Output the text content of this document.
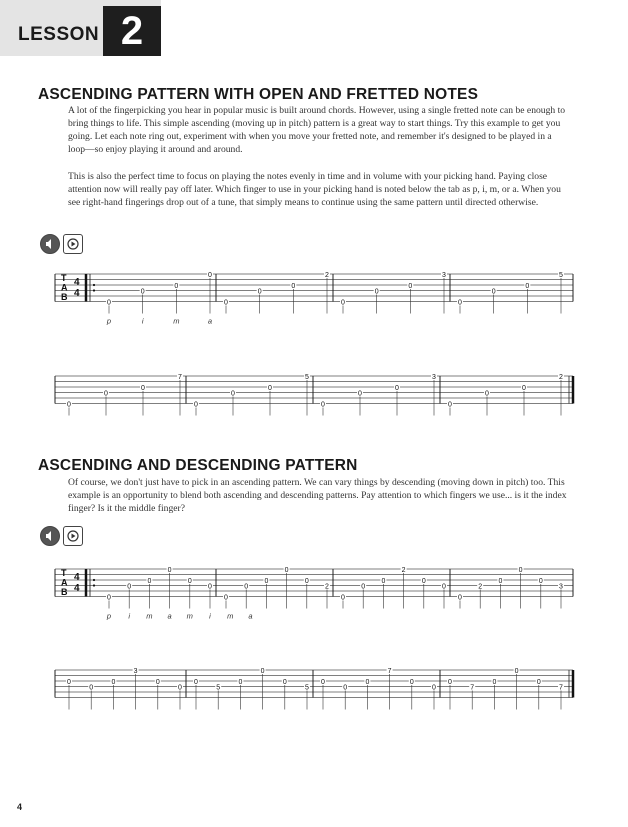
LESSON 2
ASCENDING PATTERN WITH OPEN AND FRETTED NOTES

A lot of the fingerpicking you hear in popular music is built around chords. However, using a single fretted note can be enough to bring things to life. This simple ascending (moving up in pitch) pattern is a great way to start things. Try this example to get you going. Let each note ring out, experiment with when you move your fretted note, and remember it's designed to be played in a loop—so enjoy playing it around and around.

This is also the perfect time to focus on playing the notes evenly in time and in volume with your picking hand. Paying close attention now will really pay off later. Which finger to use in your picking hand is noted below the tab as p, i, m, or a. When you see right-hand fingerings drop out of a tune, that simply means to continue using the same pattern until directed otherwise.

T
A
B
4
4
0
0
0
0
0
0
0
2
0
0
0
3
0
0
0
5
p	i	m	a
0
0
0
7
0
0
0
5
0
0
0
3
0
0
0
2
ASCENDING AND DESCENDING PATTERN

Of course, we don't just have to pick in an ascending pattern. We can vary things by descending (moving down in pitch) too. This example is an opportunity to blend both ascending and descending patterns. Pay attention to which fingers we use... is it the index finger? Is it the middle finger?

T
A
B
4
4
0
0
0
0
0
0
0
0
0
0
0
2
0
0
0
2
0
0
0
2
0
0
0
3
p i m a m i m a
0
0
0
3
0
0
0
5
0
0
0
5
0
0
0
7
0
0
0
7
0
0
0
7
4
